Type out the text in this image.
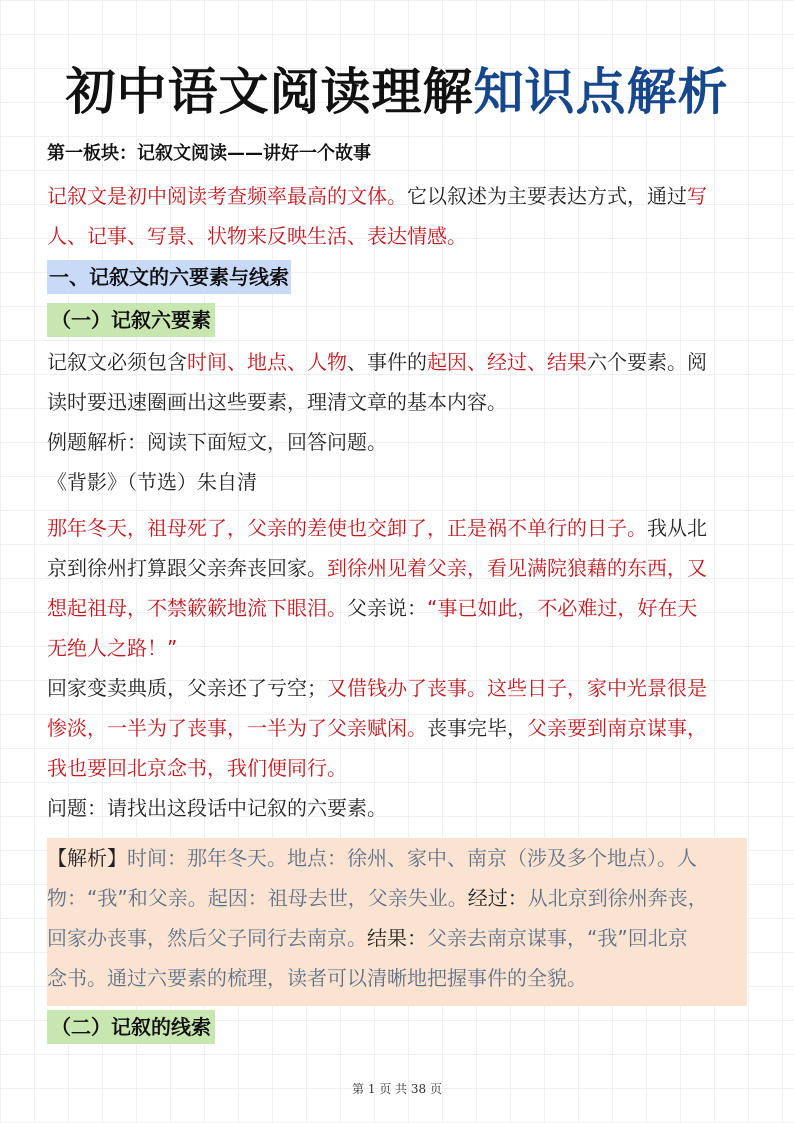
初中语文阅读理解知识点解析
第一板块：记叙文阅读——讲好一个故事
记叙文是初中阅读考查频率最高的文体。它以叙述为主要表达方式，通过写
人、记事、写景、状物来反映生活、表达情感。
一、记叙文的六要素与线索
（一）记叙六要素
记叙文必须包含时间、地点、人物、事件的起因、经过、结果六个要素。阅
读时要迅速圈画出这些要素，理清文章的基本内容。
例题解析：阅读下面短文，回答问题。
《背影》（节选）朱自清
那年冬天，祖母死了，父亲的差使也交卸了，正是祸不单行的日子。我从北
京到徐州打算跟父亲奔丧回家。到徐州见着父亲，看见满院狼藉的东西，又
想起祖母，不禁簌簌地流下眼泪。父亲说：“事已如此，不必难过，好在天
无绝人之路！”
回家变卖典质，父亲还了亏空；又借钱办了丧事。这些日子，家中光景很是
惨淡，一半为了丧事，一半为了父亲赋闲。丧事完毕，父亲要到南京谋事，
我也要回北京念书，我们便同行。
问题：请找出这段话中记叙的六要素。
【解析】时间：那年冬天。地点：徐州、家中、南京（涉及多个地点）。人
物：“我”和父亲。起因：祖母去世，父亲失业。经过：从北京到徐州奔丧，
回家办丧事，然后父子同行去南京。结果：父亲去南京谋事，“我”回北京
念书。通过六要素的梳理，读者可以清晰地把握事件的全貌。
（二）记叙的线索
第 1 页 共 38 页
